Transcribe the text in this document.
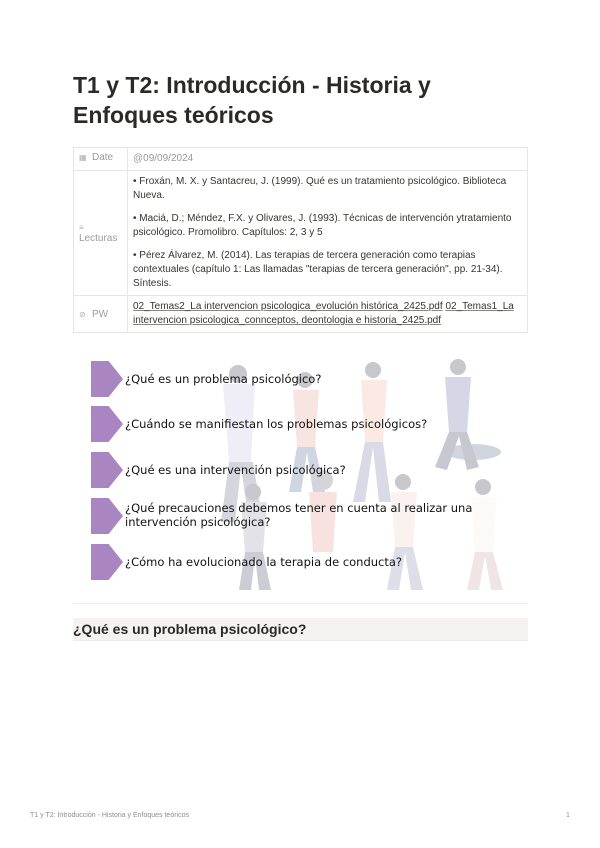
T1 y T2: Introducción - Historia y Enfoques teóricos
▦ Date	@09/09/2024
≡Lecturas	• Froxán, M. X. y Santacreu, J. (1999). Qué es un tratamiento psicológico. Biblioteca Nueva.

• Maciá, D.; Méndez, F.X. y Olivares, J. (1993). Técnicas de intervención ytratamiento psicológico. Promolibro. Capítulos: 2, 3 y 5

• Pérez Álvarez, M. (2014). Las terapias de tercera generación como terapias contextuales (capítulo 1: Las llamadas "terapias de tercera generación", pp. 21-34). Síntesis.

⊘ PW	02_Temas2_La intervencion psicologica_evolución histórica_2425.pdf 02_Temas1_La intervencion psicologica_connceptos, deontologia e historia_2425.pdf
¿Qué es un problema psicológico?
¿Cuándo se manifiestan los problemas psicológicos?
¿Qué es una intervención psicológica?
¿Qué precauciones debemos tener en cuenta al realizar una intervención psicológica?
¿Cómo ha evolucionado la terapia de conducta?
¿Qué es un problema psicológico?
T1 y T2: Introducción - Historia y Enfoques teóricos	1
